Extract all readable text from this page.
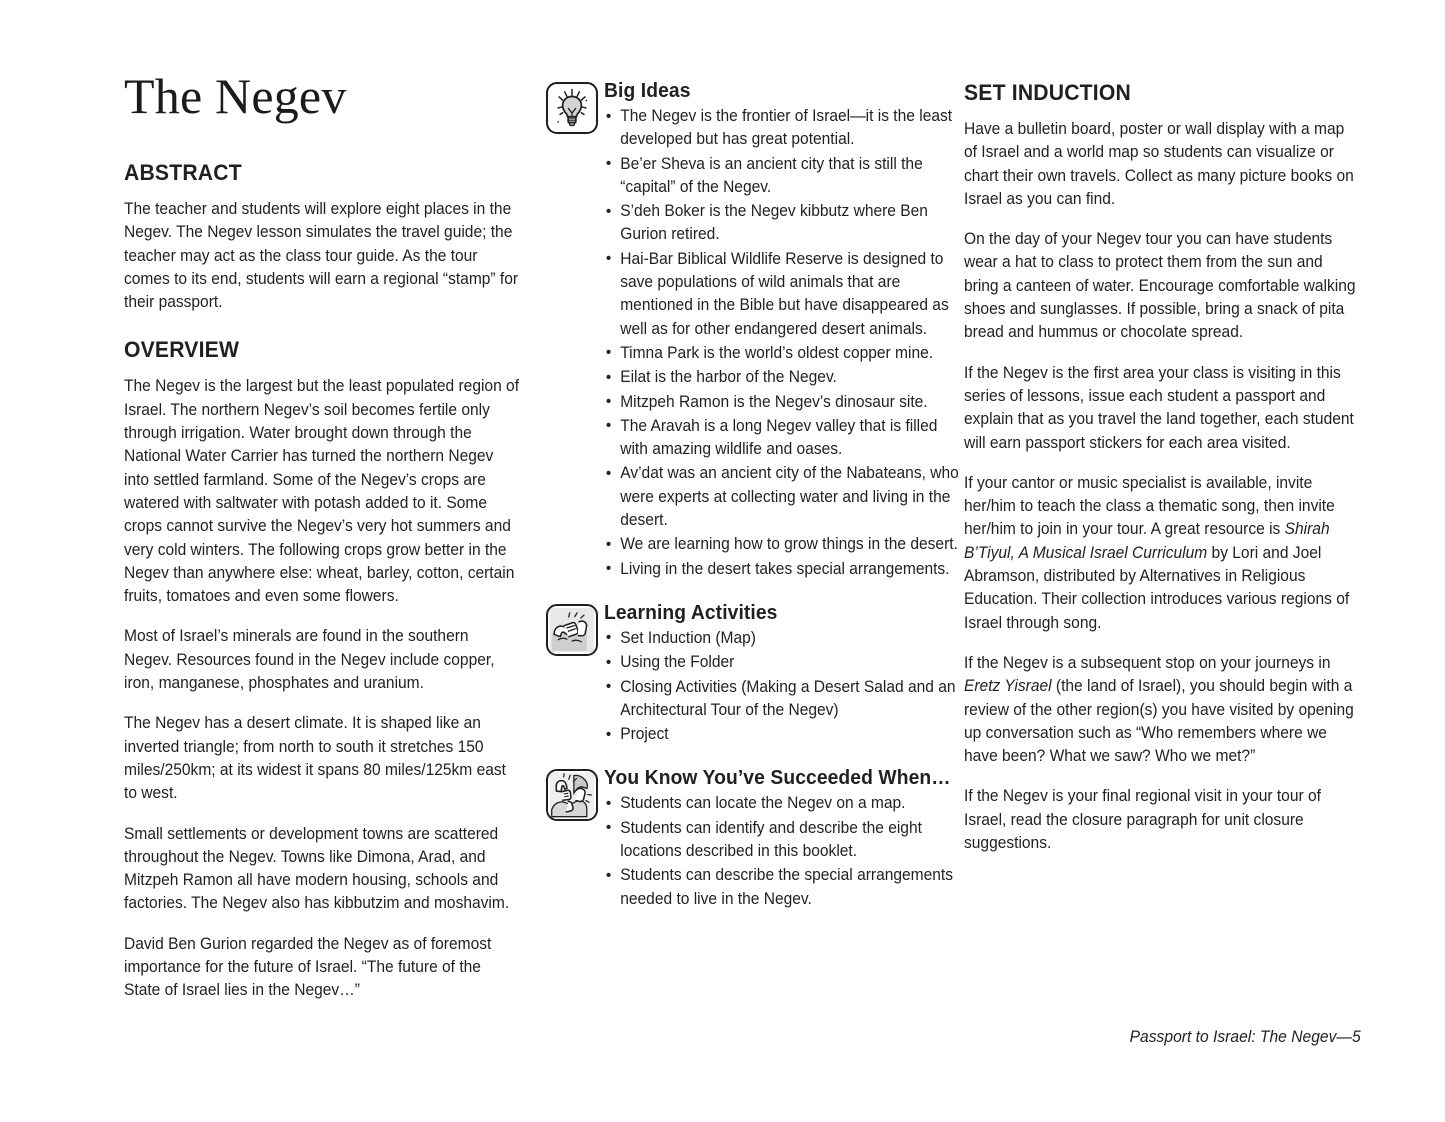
The Negev
ABSTRACT

The teacher and students will explore eight places in the Negev. The Negev lesson simulates the travel guide; the teacher may act as the class tour guide. As the tour comes to its end, students will earn a regional “stamp” for their passport.

OVERVIEW

The Negev is the largest but the least populated region of Israel. The northern Negev’s soil becomes fertile only through irrigation. Water brought down through the National Water Carrier has turned the northern Negev into settled farmland. Some of the Negev’s crops are watered with saltwater with potash added to it. Some crops cannot survive the Negev’s very hot summers and very cold winters. The following crops grow better in the Negev than anywhere else: wheat, barley, cotton, certain fruits, tomatoes and even some flowers.

Most of Israel’s minerals are found in the southern Negev. Resources found in the Negev include copper, iron, manganese, phosphates and uranium.

The Negev has a desert climate. It is shaped like an inverted triangle; from north to south it stretches 150 miles/250km; at its widest it spans 80 miles/125km east to west.

Small settlements or development towns are scattered throughout the Negev. Towns like Dimona, Arad, and Mitzpeh Ramon all have modern housing, schools and factories. The Negev also has kibbutzim and moshavim.

David Ben Gurion regarded the Negev as of foremost importance for the future of Israel. “The future of the State of Israel lies in the Negev…”

Big Ideas
• The Negev is the frontier of Israel—it is the least developed but has great potential.
• Be’er Sheva is an ancient city that is still the “capital” of the Negev.
• S’deh Boker is the Negev kibbutz where Ben Gurion retired.
• Hai-Bar Biblical Wildlife Reserve is designed to save populations of wild animals that are mentioned in the Bible but have disappeared as well as for other endangered desert animals.
• Timna Park is the world’s oldest copper mine.
• Eilat is the harbor of the Negev.
• Mitzpeh Ramon is the Negev’s dinosaur site.
• The Aravah is a long Negev valley that is filled with amazing wildlife and oases.
• Av’dat was an ancient city of the Nabateans, who were experts at collecting water and living in the desert.
• We are learning how to grow things in the desert.
• Living in the desert takes special arrangements.
Learning Activities
• Set Induction (Map)
• Using the Folder
• Closing Activities (Making a Desert Salad and an Architectural Tour of the Negev)
• Project
You Know You’ve Succeeded When…
• Students can locate the Negev on a map.
• Students can identify and describe the eight locations described in this booklet.
• Students can describe the special arrangements needed to live in the Negev.
SET INDUCTION

Have a bulletin board, poster or wall display with a map of Israel and a world map so students can visualize or chart their own travels. Collect as many picture books on Israel as you can find.

On the day of your Negev tour you can have students wear a hat to class to protect them from the sun and bring a canteen of water. Encourage comfortable walking shoes and sunglasses. If possible, bring a snack of pita bread and hummus or chocolate spread.

If the Negev is the first area your class is visiting in this series of lessons, issue each student a passport and explain that as you travel the land together, each student will earn passport stickers for each area visited.

If your cantor or music specialist is available, invite her/him to teach the class a thematic song, then invite her/him to join in your tour. A great resource is Shirah B’Tiyul, A Musical Israel Curriculum by Lori and Joel Abramson, distributed by Alternatives in Religious Education. Their collection introduces various regions of Israel through song.

If the Negev is a subsequent stop on your journeys in Eretz Yisrael (the land of Israel), you should begin with a review of the other region(s) you have visited by opening up conversation such as “Who remembers where we have been? What we saw? Who we met?”

If the Negev is your final regional visit in your tour of Israel, read the closure paragraph for unit closure suggestions.

Passport to Israel: The Negev—5
